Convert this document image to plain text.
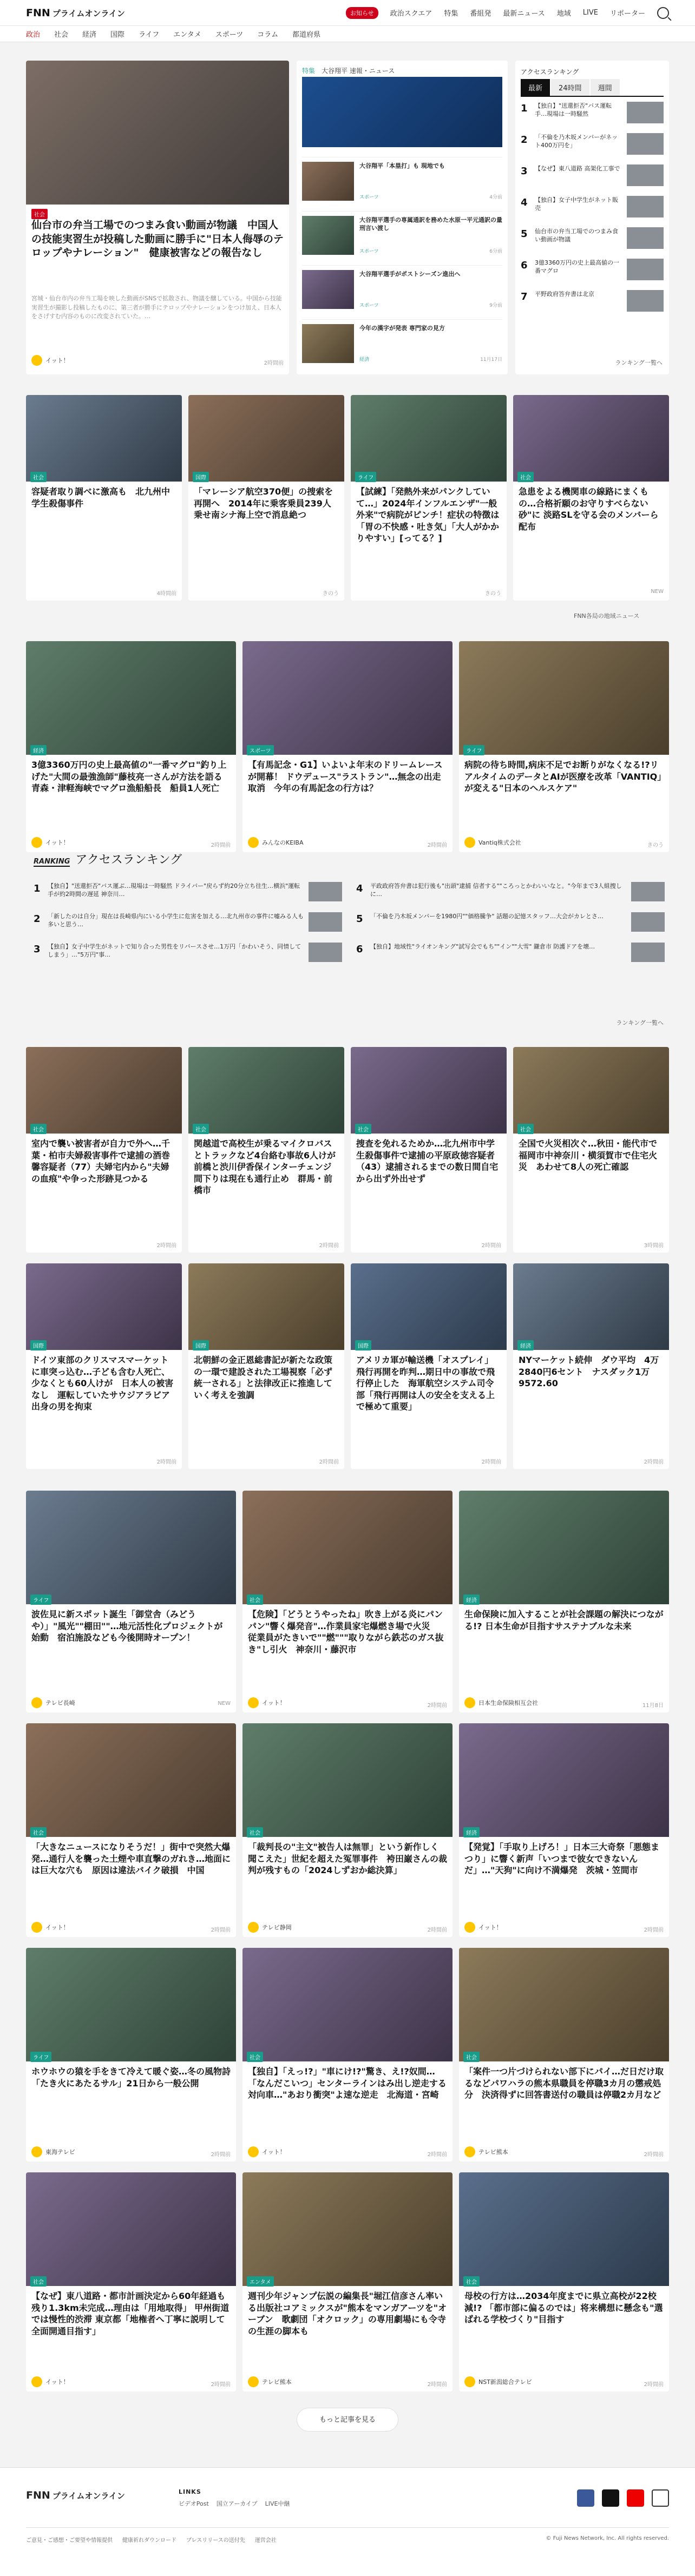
FNN プライムオンライン	お知らせ	政治スクエア 特集 番組発 最新ニュース 地域 LIVE リポーター
政治 社会 経済 国際 ライフ エンタメ スポーツ コラム 都道府県
社会
仙台市の弁当工場でのつまみ食い動画が物議　中国人の技能実習生が投稿した動画に勝手に"日本人侮辱のテロップやナレーション"　健康被害などの報告なし
宮城・仙台市内の弁当工場を映した動画がSNSで拡散され、物議を醸している。中国から技能実習生が撮影し投稿したものに、第三者が勝手にテロップやナレーションをつけ加え、日本人をさげすむ内容のものに改変されていた。…
イット！	2時間前
特集　 大谷翔平 速報・ニュース
大谷翔平「本塁打」も 現地でも
スポーツ	4分前
大谷翔平選手の専属通訳を務めた水原一平元通訳の量刑言い渡し
スポーツ	6分前
大谷翔平選手がポストシーズン進出へ
スポーツ	9分前
今年の漢字が発表 専門家の見方
経済	11月17日
アクセスランキング
最新	24時間	週間
1	【独自】"送還拒否"バス運転手…現場は一時騒然
2	「不倫を乃木坂メンバーがネット400万円を」
3	【なぜ】東八道路 高架化工事で
4	【独自】女子中学生がネット販売
5	仙台市の弁当工場でのつまみ食い動画が物議
6	3億3360万円の史上最高値の一番マグロ
7	平野政府答弁書は北京
ランキング一覧へ
RANKING アクセスランキング
1	【独自】"送還拒否"バス運ぶ…現場は一時騒然 ドライバー"戻らず約20分立ち往生…横浜"運転手が約2時間の遅延 神奈川…
2	「新したのは自分」現在は長崎県内にいる小学生に危害を加える…北九州市の事件に嘘みる人も多いと思う…
3	【独自】女子中学生がネットで知り合った男性をリバースさせ…1万円「かわいそう、同情してしまう」…"5万円"事…
4	平政政府答弁書は犯行後も"出頭"逮捕 信者する""ころっとかわいいなと。"今年まで3人組捜しに…
5	「不倫を乃木坂メンバーを1980円""価格騰争" 話題の記憶スタッフ…大会がカレとさ…
6	【独自】地域性"ライオンキング"試写会でもち""イン""大雪" 鎌倉市 防護ドアを壊…
ランキング一覧へ
もっと記事を見る
FNN プライムオンライン	LINKS
ビデオPost 国立アーカイブ LIVE中継
ご意見・ご感想・ご要望や情報提供 健康祈れダウンロード プレスリリースの送付先 運営会社	© Fuji News Network, Inc. All rights reserved.
社会
容疑者取り調べに激高も　北九州中学生殺傷事件
4時間前
国際
「マレーシア航空370便」の捜索を再開へ　2014年に乗客乗員239人乗せ南シナ海上空で消息絶つ
きのう
ライフ
【試練】「発熱外来がパンクしていて…」2024年インフルエンザ"一般外来"で病院がピンチ！症状の特徴は「胃の不快感・吐き気」「大人がかかりやすい」[ってる？]
きのう
社会
急患をよる機関車の線路にまくもの…合格祈願のお守りすべらない砂"に 淡路SLを守る会のメンバーら配布
NEW
FNN各局の地域ニュース
経済
3億3360万円の史上最高値の"一番マグロ"釣り上げた"大間の最強漁師"藤枝亮一さんが方法を語る　青森・津軽海峡でマグロ漁船船長　船員1人死亡
イット！	2時間前
スポーツ
【有馬記念・G1】いよいよ年末のドリームレースが開幕！ ドウデュース"ラストラン"…無念の出走取消　今年の有馬記念の行方は？
みんなのKEIBA	2時間前
ライフ
病院の待ち時間,病床不足でお断りがなくなる!?リアルタイムのデータとAIが医療を改革「VANTIQ」が変える"日本のヘルスケア"
Vantiq株式会社	きのう
社会
室内で襲い被害者が自力で外へ…千葉・柏市夫婦殺害事件で逮捕の酒巻馨容疑者（77）夫婦宅内から"夫婦の血痕"や争った形跡見つかる
2時間前
社会
関越道で高校生が乗るマイクロバスとトラックなど4台絡む事故6人けが　前橋と渋川伊香保インターチェンジ間下りは現在も通行止め　群馬・前橋市
2時間前
社会
捜査を免れるためか…北九州市中学生殺傷事件で逮捕の平原政徳容疑者（43）逮捕されるまでの数日間自宅から出ず外出せず
2時間前
社会
全国で火災相次ぐ…秋田・能代市で福岡市中神奈川・横須賀市で住宅火災　あわせて8人の死亡確認
3時間前
国際
ドイツ東部のクリスマスマーケットに車突っ込む…子ども含む人死亡、少なくとも60人けが　日本人の被害なし　運転していたサウジアラビア出身の男を拘束
2時間前
国際
北朝鮮の金正恩総書記が新たな政策の一環で建設された工場視察「必ず統一される」と法律改正に推進していく考えを強調
2時間前
国際
アメリカ軍が輸送機「オスプレイ」飛行再開を昨判…期日中の事故で飛行停止した　海軍航空システム司令部「飛行再開は人の安全を支える上で極めて重要」
2時間前
経済
NYマーケット続伸　ダウ平均　4万2840円6セント　ナスダック1万9572.60
2時間前
ライフ
波佐見に新スポット誕生「御堂舎（みどうや）」"風光""棚田""…地元活性化プロジェクトが始動　宿泊施設なども今後開時オープン！
テレビ長崎	NEW
社会
【危険】「どうとうやったね」吹き上がる炎にパンパン"響く爆発音"…作業員家宅爆燃き場で火災　従業員がたきいで""燃"""取りながら鉄芯のガス抜き"し引火　神奈川・藤沢市
イット！	2時間前
経済
生命保険に加入することが社会課題の解決につながる!? 日本生命が目指すサステナブルな未来
日本生命保険相互会社	11月8日
社会
「大きなニュースになりそうだ！」街中で突然大爆発…通行人を襲った土煙や車直撃のガれき…地面には巨大な穴も　原因は違法バイク破損　中国
イット！	2時間前
社会
「裁判長の"主文"被告人は無罪」という新作しく聞こえた」世紀を超えた冤罪事件　袴田巌さんの裁判が残すもの「2024しずおか総決算」
テレビ静岡	2時間前
経済
【発覚】「手取り上げろ！」日本三大奇祭「悪態まつり」に響く新声「いつまで彼女できないんだ」…"天狗"に向け不満爆発　茨城・笠間市
イット！	2時間前
ライフ
ホウホウの猿を手をきて冷えて暖ぐ姿…冬の風物詩「たき火にあたるサル」21日から一般公開
東海テレビ	2時間前
社会
【独自】「えっ!?」"車にけ!?"驚き、え!?奴間…「なんだこいつ」センターラインはみ出し逆走する対向車…"あおり衝突"よ速な逆走　北海道・宮崎
イット！	2時間前
社会
「案件一つ片づけられない部下にパイ…だ日だけ取るなどパワハラの熊本県職員を停職3カ月の懲戒処分　決済得ずに回答書送付の職員は停職2カ月など
テレビ熊本	2時間前
社会
【なぜ】東八道路・都市計画決定から60年経過も残り1.3km未完成…理由は「用地取得」 甲州街道では慢性的渋滞 東京都「地権者へ丁寧に説明して全面開通目指す」
イット！	2時間前
エンタメ
週刊少年ジャンプ伝説の編集長"堀江信彦さん率いる出版社コアミックスが"熊本をマンガアーツを"オーブン　歌劇団「オクロック」の専用劇場にも令寺の生涯の脚本も
テレビ熊本	2時間前
社会
母校の行方は…2034年度までに県立高校が22校減!? 「都市部に偏るのでは」将来構想に懸念も"選ばれる学校づくり"目指す
NST新潟総合テレビ	2時間前
